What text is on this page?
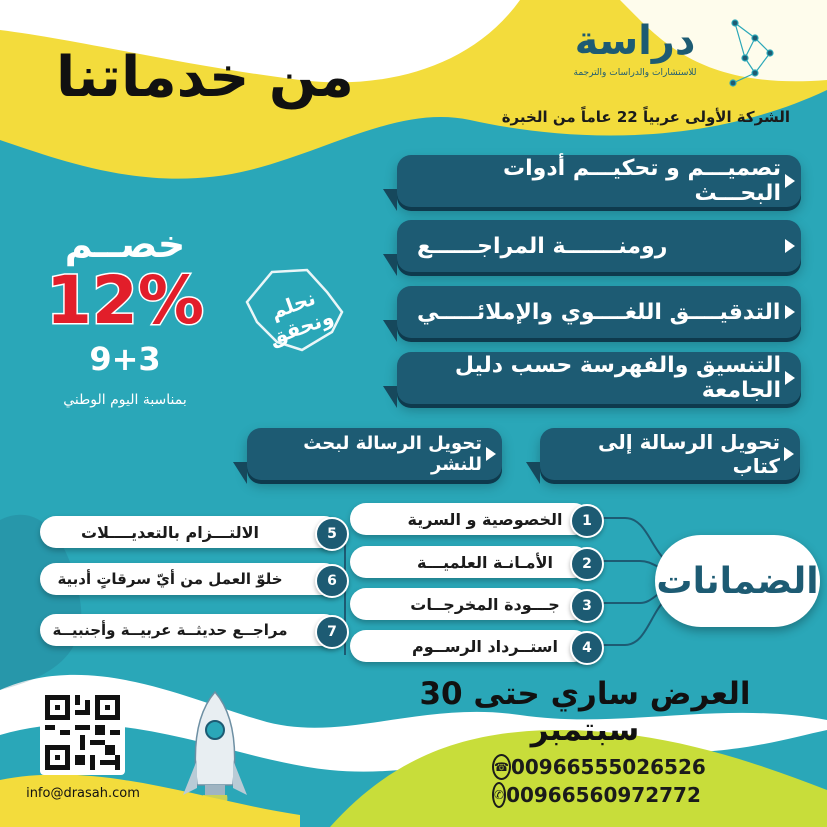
من خدماتنا
دراسة
للاستشارات والدراسات والترجمة
الشركة الأولى عربياً 22 عاماً من الخبرة
تصميـــم و تحكيـــم أدوات البحـــث
رومنـــــــة المراجــــــع
التدقيــــق اللغــــوي والإملائـــــي
التنسيق والفهرسة حسب دليل الجامعة
تحويل الرسالة إلى كتاب
تحويل الرسالة لبحث للنشر
خصــم
12%
9+3
بمناسبة اليوم الوطني
نحلم ونحقق
الضمانات
الخصوصية و السرية	1
الأمـانـة العلميـــة	2
جـــودة المخرجــات	3
استــرداد الرســوم	4
الالتـــزام بالتعديــــلات	5
خلوّ العمل من أيّ سرقاتٍ أدبية	6
مراجــع حديثــة عربيــة وأجنبيــة	7
العرض ساري حتى 30 سبتمبر
info@drasah.com
☎ 00966555026526
✆ 00966560972772
